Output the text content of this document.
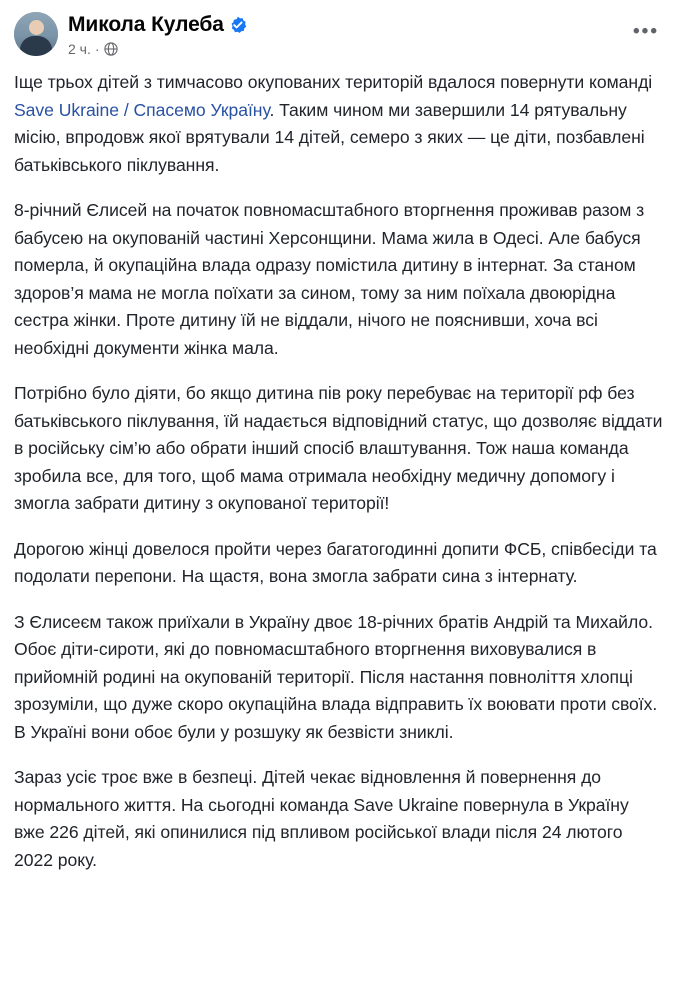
Микола Кулеба
2 ч. ·
•••

Іще трьох дітей з тимчасово окупованих територій вдалося повернути команді Save Ukraine / Спасемо Україну. Таким чином ми завершили 14 рятувальну місію, впродовж якої врятували 14 дітей, семеро з яких — це діти, позбавлені батьківського піклування.

8-річний Єлисей на початок повномасштабного вторгнення проживав разом з бабусею на окупованій частині Херсонщини. Мама жила в Одесі. Але бабуся померла, й окупаційна влада одразу помістила дитину в інтернат. За станом здоров’я мама не могла поїхати за сином, тому за ним поїхала двоюрідна сестра жінки. Проте дитину їй не віддали, нічого не пояснивши, хоча всі необхідні документи жінка мала.

Потрібно було діяти, бо якщо дитина пів року перебуває на території рф без батьківського піклування, їй надається відповідний статус, що дозволяє віддати в російську сім’ю або обрати інший спосіб влаштування. Тож наша команда зробила все, для того, щоб мама отримала необхідну медичну допомогу і змогла забрати дитину з окупованої території!

Дорогою жінці довелося пройти через багатогодинні допити ФСБ, співбесіди та подолати перепони. На щастя, вона змогла забрати сина з інтернату.

З Єлисеєм також приїхали в Україну двоє 18-річних братів Андрій та Михайло. Обоє діти-сироти, які до повномасштабного вторгнення виховувалися в прийомній родині на окупованій території. Після настання повноліття хлопці зрозуміли, що дуже скоро окупаційна влада відправить їх воювати проти своїх. В Україні вони обоє були у розшуку як безвісти зниклі.

Зараз усіє троє вже в безпеці. Дітей чекає відновлення й повернення до нормального життя. На сьогодні команда Save Ukraine повернула в Україну вже 226 дітей, які опинилися під впливом російської влади після 24 лютого 2022 року.
